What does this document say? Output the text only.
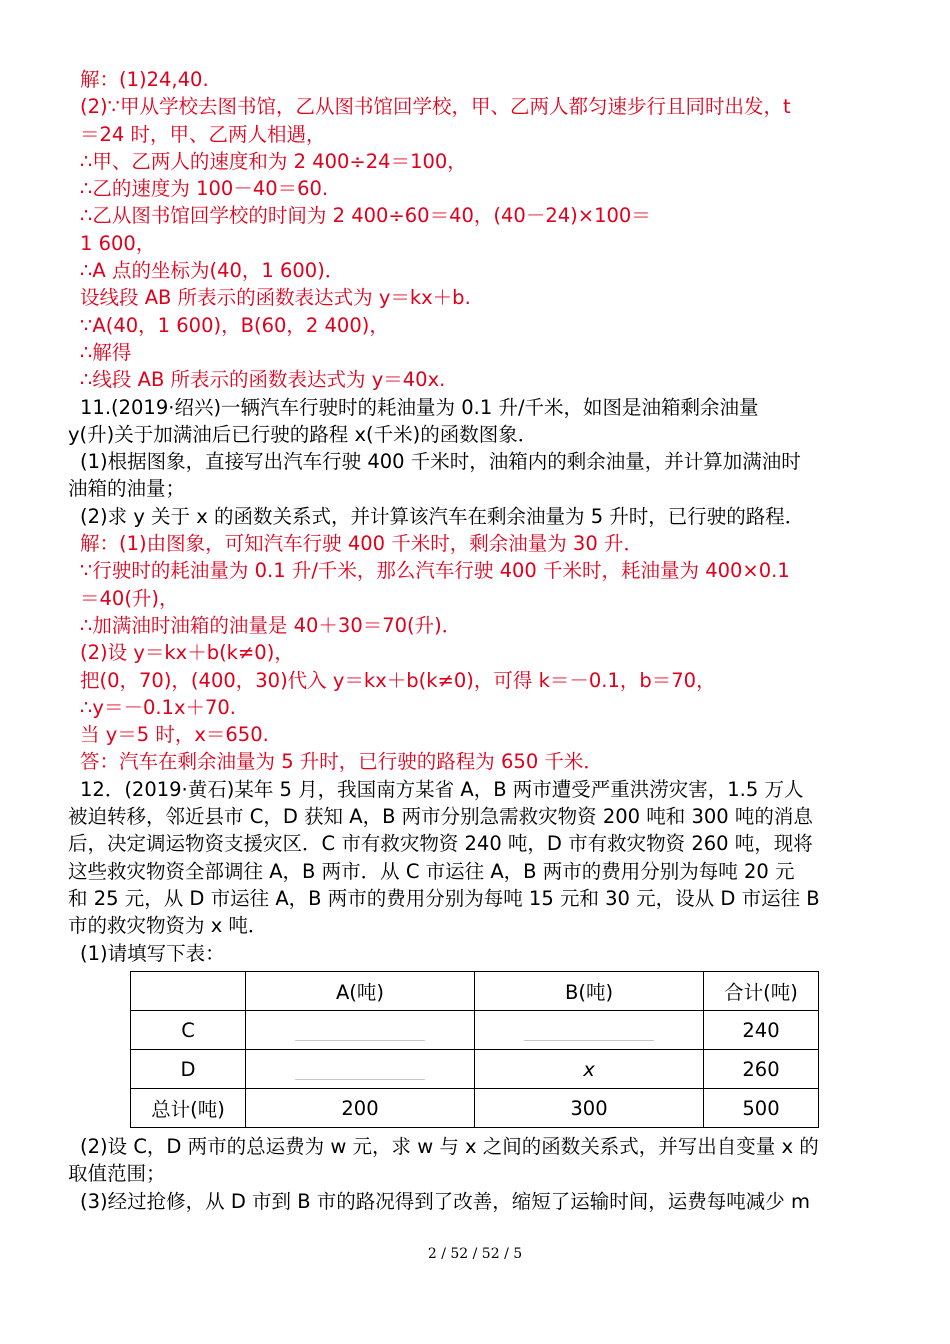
解：(1)24,40.
(2)∵甲从学校去图书馆，乙从图书馆回学校，甲、乙两人都匀速步行且同时出发，t
＝24 时，甲、乙两人相遇，
∴甲、乙两人的速度和为 2 400÷24＝100，
∴乙的速度为 100－40＝60.
∴乙从图书馆回学校的时间为 2 400÷60＝40，(40－24)×100＝
1 600，
∴A 点的坐标为(40，1 600)．
设线段 AB 所表示的函数表达式为 y＝kx＋b.
∵A(40，1 600)，B(60，2 400)，
∴解得
∴线段 AB 所表示的函数表达式为 y＝40x.
11.(2019·绍兴)一辆汽车行驶时的耗油量为 0.1 升/千米，如图是油箱剩余油量
y(升)关于加满油后已行驶的路程 x(千米)的函数图象．
(1)根据图象，直接写出汽车行驶 400 千米时，油箱内的剩余油量，并计算加满油时
油箱的油量；
(2)求 y 关于 x 的函数关系式，并计算该汽车在剩余油量为 5 升时，已行驶的路程．
解：(1)由图象，可知汽车行驶 400 千米时，剩余油量为 30 升．
∵行驶时的耗油量为 0.1 升/千米，那么汽车行驶 400 千米时，耗油量为 400×0.1
＝40(升)，
∴加满油时油箱的油量是 40＋30＝70(升)．
(2)设 y＝kx＋b(k≠0)，
把(0，70)，(400，30)代入 y＝kx＋b(k≠0)，可得 k＝－0.1，b＝70，
∴y＝－0.1x＋70.
当 y＝5 时，x＝650.
答：汽车在剩余油量为 5 升时，已行驶的路程为 650 千米．
12．(2019·黄石)某年 5 月，我国南方某省 A，B 两市遭受严重洪涝灾害，1.5 万人
被迫转移，邻近县市 C，D 获知 A，B 两市分别急需救灾物资 200 吨和 300 吨的消息
后，决定调运物资支援灾区．C 市有救灾物资 240 吨，D 市有救灾物资 260 吨，现将
这些救灾物资全部调往 A，B 两市．从 C 市运往 A，B 两市的费用分别为每吨 20 元
和 25 元，从 D 市运往 A，B 两市的费用分别为每吨 15 元和 30 元，设从 D 市运往 B
市的救灾物资为 x 吨．
(1)请填写下表：
	A(吨)	B(吨)	合计(吨)
C			240
D		x	260
总计(吨)	200	300	500
(2)设 C，D 两市的总运费为 w 元，求 w 与 x 之间的函数关系式，并写出自变量 x 的
取值范围；
(3)经过抢修，从 D 市到 B 市的路况得到了改善，缩短了运输时间，运费每吨减少 m
2 / 52 / 52 / 5
